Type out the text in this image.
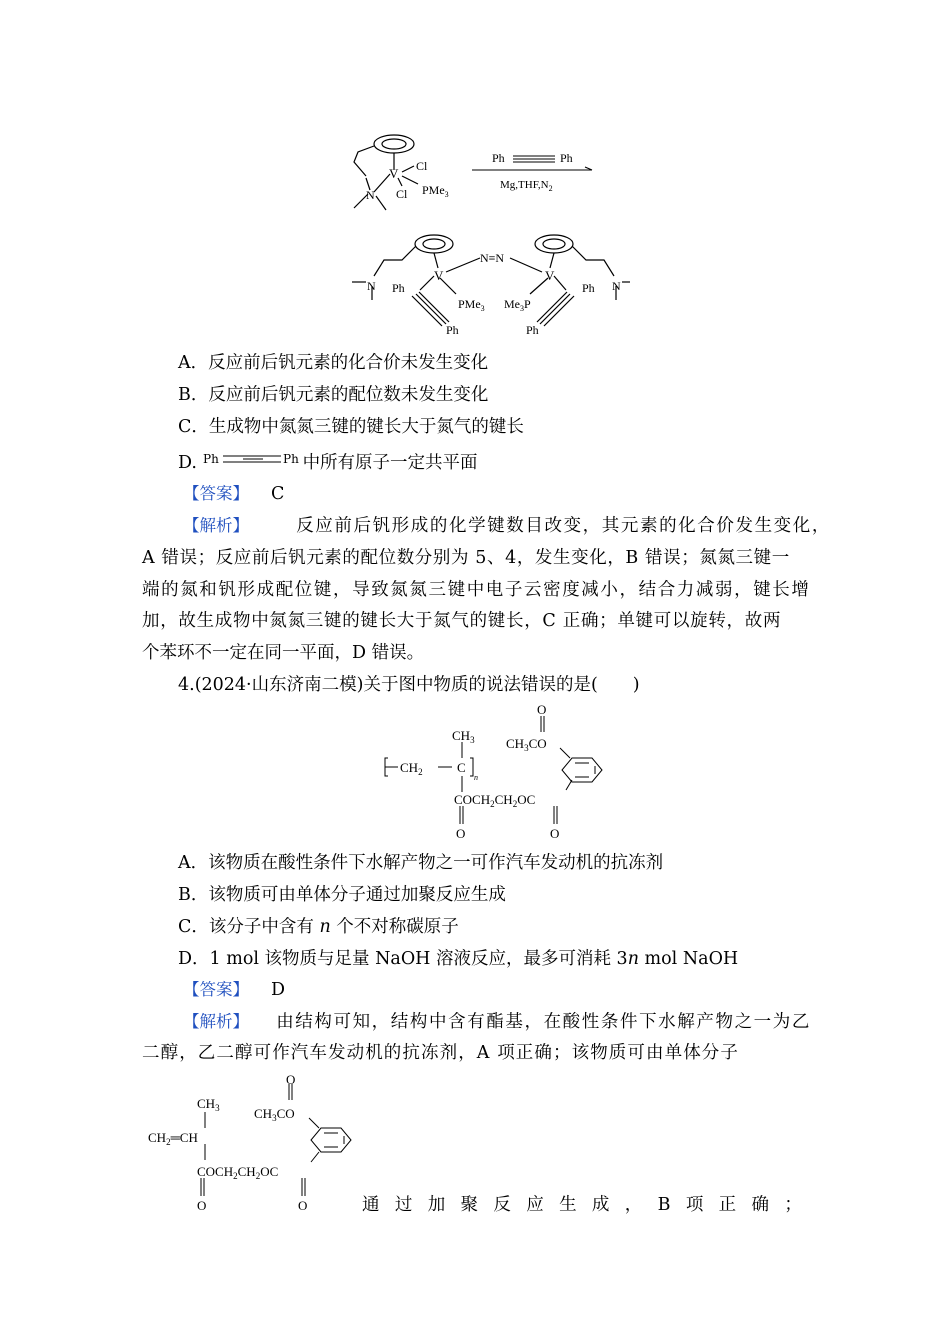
V Cl
Cl PMe$_3$
N
Ph	Ph
$Mg,THF,N_2$
V	V
N≡N
N	N
Ph
Ph
Ph
Ph
PMe$_3$ $Me_3P$
A．反应前后钒元素的化合价未发生变化
B．反应前后钒元素的配位数未发生变化
C．生成物中氮氮三键的键长大于氮气的键长
D. Ph	Ph 中所有原子一定共平面
【答案】 C
【解析】	反应前后钒形成的化学键数目改变，其元素的化合价发生变化，
A 错误；反应前后钒元素的配位数分别为 5、4，发生变化，B 错误；氮氮三键一
端的氮和钒形成配位键，导致氮氮三键中电子云密度减小，结合力减弱，键长增
加，故生成物中氮氮三键的键长大于氮气的键长，C 正确；单键可以旋转，故两
个苯环不一定在同一平面，D 错误。
4.(2024·山东济南二模)关于图中物质的说法错误的是(　　)
$CH_3$
$CH_2$	C
n
$COCH_2CH_2OC$
O	O
O
$CH_3CO$
A．该物质在酸性条件下水解产物之一可作汽车发动机的抗冻剂
B．该物质可由单体分子通过加聚反应生成
C．该分子中含有 n 个不对称碳原子
D．1 mol 该物质与足量 NaOH 溶液反应，最多可消耗 3n mol NaOH
【答案】 D
【解析】 由结构可知，结构中含有酯基，在酸性条件下水解产物之一为乙
二醇，乙二醇可作汽车发动机的抗冻剂，A 项正确；该物质可由单体分子
$CH_3$
$CH_2═CH$
$COCH_2CH_2OC$
O	O
O
$CH_3CO$
通 过 加 聚 反 应 生 成 ， B 项 正 确 ；
